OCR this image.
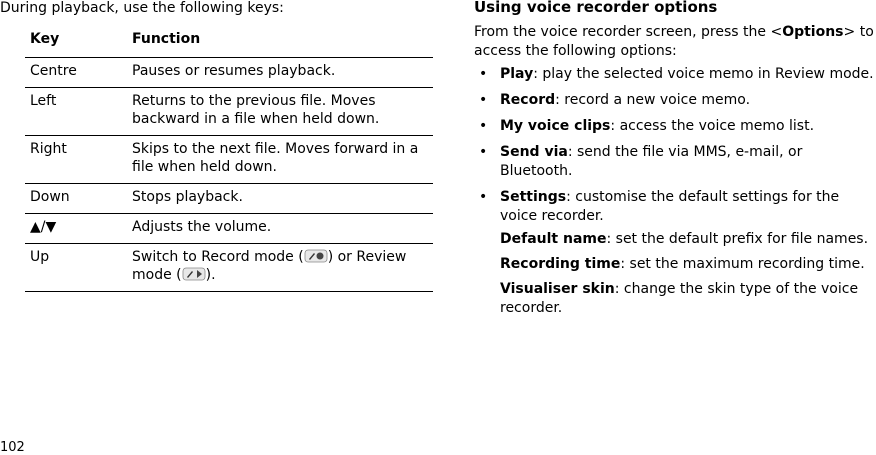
During playback, use the following keys:
Key	Function
Centre	Pauses or resumes playback.
Left	Returns to the previous file. Moves backward in a file when held down.
Right	Skips to the next file. Moves forward in a file when held down.
Down	Stops playback.
▲/▼	Adjusts the volume.
Up	Switch to Record mode ( ) or Review mode ( ).
Using voice recorder options
From the voice recorder screen, press the <Options> to access the following options:
• Play: play the selected voice memo in Review mode.
• Record: record a new voice memo.
• My voice clips: access the voice memo list.
• Send via: send the file via MMS, e-mail, or Bluetooth.
• Settings: customise the default settings for the voice recorder.
Default name: set the default prefix for file names.
Recording time: set the maximum recording time.
Visualiser skin: change the skin type of the voice recorder.
102
